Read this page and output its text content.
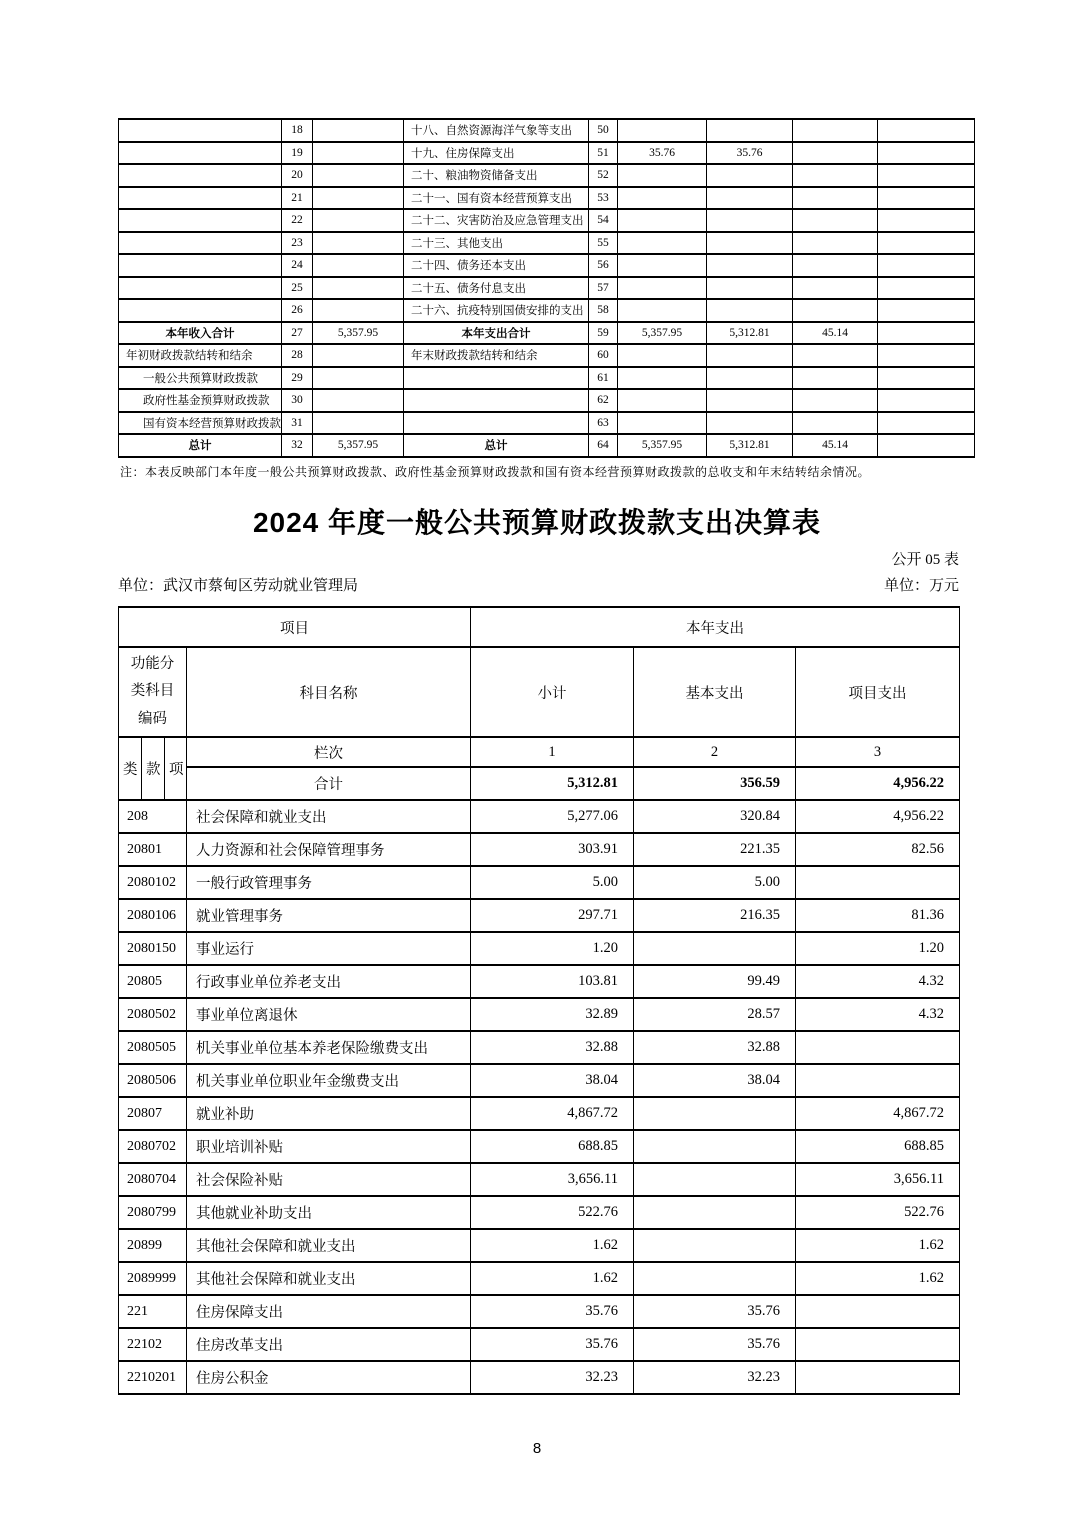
	18		十八、自然资源海洋气象等支出	50				
	19		十九、住房保障支出	51	35.76	35.76		
	20		二十、粮油物资储备支出	52				
	21		二十一、国有资本经营预算支出	53				
	22		二十二、灾害防治及应急管理支出	54				
	23		二十三、其他支出	55				
	24		二十四、债务还本支出	56				
	25		二十五、债务付息支出	57				
	26		二十六、抗疫特别国债安排的支出	58				
本年收入合计	27	5,357.95	本年支出合计	59	5,357.95	5,312.81	45.14	
年初财政拨款结转和结余	28		年末财政拨款结转和结余	60				
一般公共预算财政拨款	29			61				
政府性基金预算财政拨款	30			62				
国有资本经营预算财政拨款	31			63				
总计	32	5,357.95	总计	64	5,357.95	5,312.81	45.14	
注：本表反映部门本年度一般公共预算财政拨款、政府性基金预算财政拨款和国有资本经营预算财政拨款的总收支和年末结转结余情况。
2024 年度一般公共预算财政拨款支出决算表
公开 05 表
单位：武汉市蔡甸区劳动就业管理局	单位：万元
项目				本年支出		

功能分
类科目
编码			科目名称	小计	基本支出	项目支出
类	款	项	栏次	1	2	3
			合计	5,312.81	356.59	4,956.22
208			社会保障和就业支出	5,277.06	320.84	4,956.22
20801			人力资源和社会保障管理事务	303.91	221.35	82.56
2080102			一般行政管理事务	5.00	5.00	
2080106			就业管理事务	297.71	216.35	81.36
2080150			事业运行	1.20		1.20
20805			行政事业单位养老支出	103.81	99.49	4.32
2080502			事业单位离退休	32.89	28.57	4.32
2080505			机关事业单位基本养老保险缴费支出	32.88	32.88	
2080506			机关事业单位职业年金缴费支出	38.04	38.04	
20807			就业补助	4,867.72		4,867.72
2080702			职业培训补贴	688.85		688.85
2080704			社会保险补贴	3,656.11		3,656.11
2080799			其他就业补助支出	522.76		522.76
20899			其他社会保障和就业支出	1.62		1.62
2089999			其他社会保障和就业支出	1.62		1.62
221			住房保障支出	35.76	35.76	
22102			住房改革支出	35.76	35.76	
2210201			住房公积金	32.23	32.23	
8
